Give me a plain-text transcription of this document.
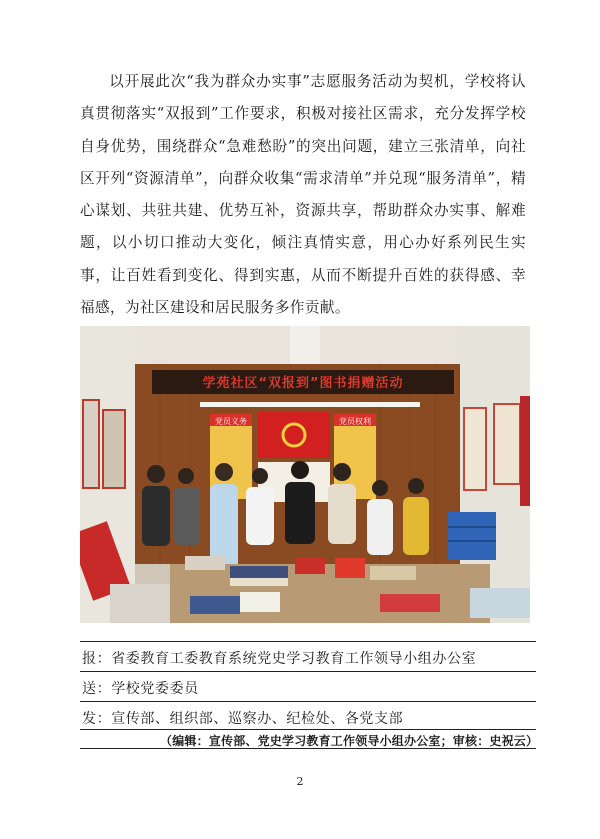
以开展此次“我为群众办实事”志愿服务活动为契机，学校将认真贯彻落实“双报到”工作要求，积极对接社区需求，充分发挥学校自身优势，围绕群众“急难愁盼”的突出问题，建立三张清单，向社区开列“资源清单”，向群众收集“需求清单”并兑现“服务清单”，精心谋划、共驻共建、优势互补，资源共享，帮助群众办实事、解难题，以小切口推动大变化，倾注真情实意，用心办好系列民生实事，让百姓看到变化、得到实惠，从而不断提升百姓的获得感、幸福感，为社区建设和居民服务多作贡献。

学苑社区“双报到”图书捐赠活动
党员义务	党员权利
报：省委教育工委教育系统党史学习教育工作领导小组办公室
送：学校党委委员
发：宣传部、组织部、巡察办、纪检处、各党支部
（编辑：宣传部、党史学习教育工作领导小组办公室；审核：史祝云）
2
